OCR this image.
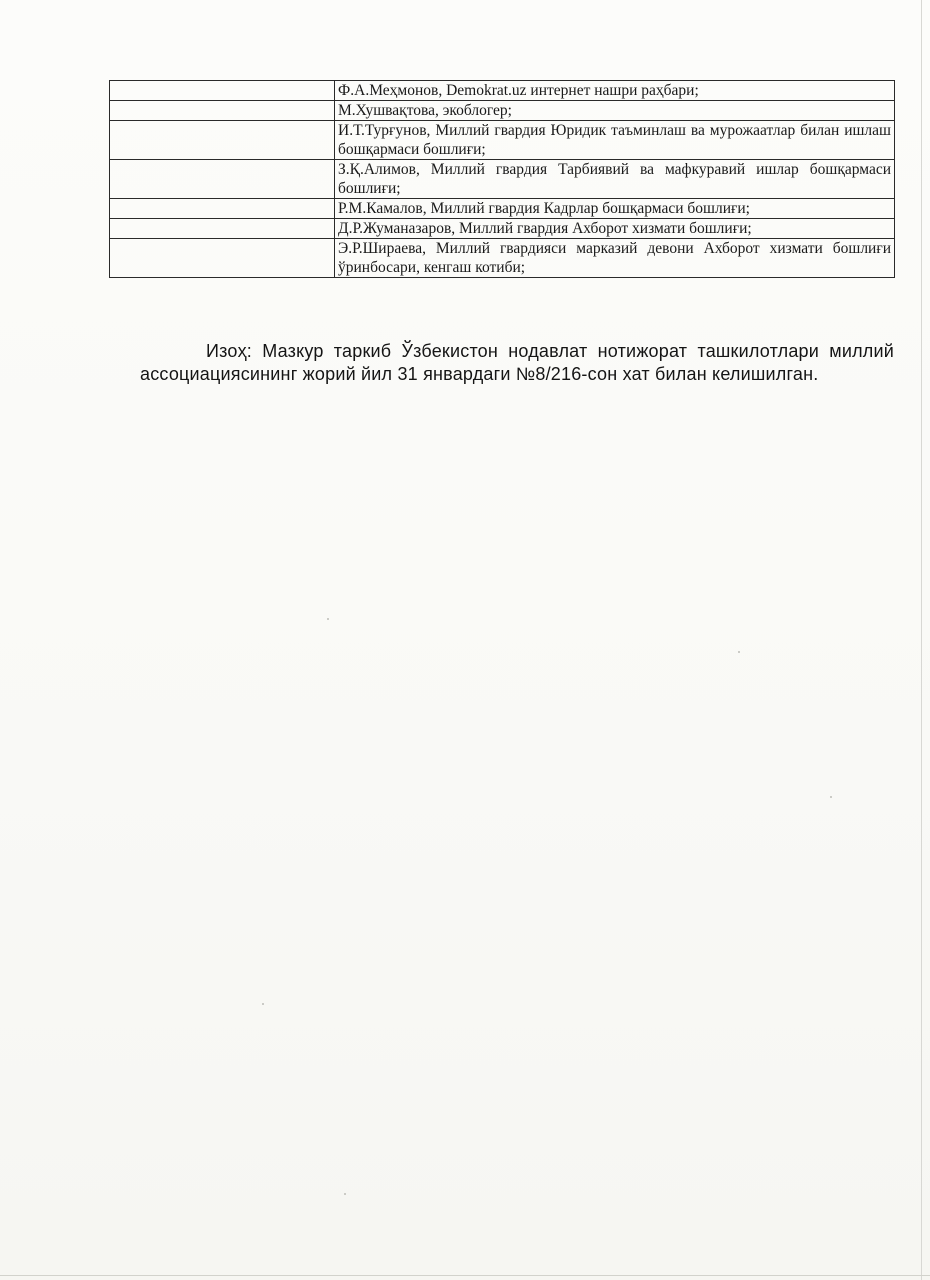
	Ф.А.Меҳмонов, Demokrat.uz интернет нашри раҳбари;
	М.Хушвақтова, экоблогер;
	И.Т.Турғунов, Миллий гвардия Юридик таъминлаш ва мурожаатлар билан ишлаш бошқармаси бошлиғи;
	З.Қ.Алимов, Миллий гвардия Тарбиявий ва мафкуравий ишлар бошқармаси бошлиғи;
	Р.М.Камалов, Миллий гвардия Кадрлар бошқармаси бошлиғи;
	Д.Р.Жуманазаров, Миллий гвардия Ахборот хизмати бошлиғи;
	Э.Р.Шираева, Миллий гвардияси марказий девони Ахборот хизмати бошлиғи ўринбосари, кенгаш котиби;

Изоҳ: Мазкур таркиб Ўзбекистон нодавлат нотижорат ташкилотлари миллий ассоциациясининг жорий йил 31 январдаги №8/216-сон хат билан келишилган.
